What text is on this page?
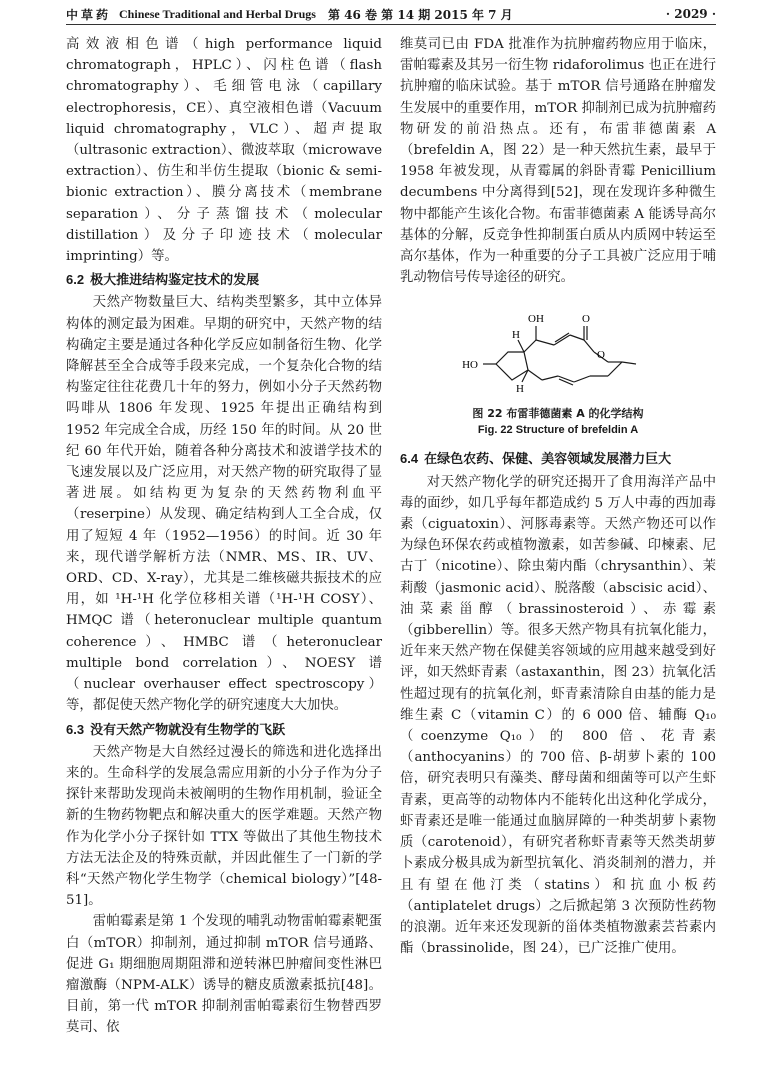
中草药 Chinese Traditional and Herbal Drugs 第 46 卷 第 14 期 2015 年 7 月	· 2029 ·

高效液相色谱（high performance liquid chromatograph，HPLC）、闪柱色谱（flash chromatography）、毛细管电泳（capillary electrophoresis，CE）、真空液相色谱（Vacuum liquid chromatography，VLC）、超声提取（ultrasonic extraction）、微波萃取（microwave extraction）、仿生和半仿生提取（bionic & semi-bionic extraction）、膜分离技术（membrane separation）、分子蒸馏技术（molecular distillation）及分子印迹技术（molecular imprinting）等。

6.2 极大推进结构鉴定技术的发展

天然产物数量巨大、结构类型繁多，其中立体异构体的测定最为困难。早期的研究中，天然产物的结构确定主要是通过各种化学反应如制备衍生物、化学降解甚至全合成等手段来完成，一个复杂化合物的结构鉴定往往花费几十年的努力，例如小分子天然药物吗啡从 1806 年发现、1925 年提出正确结构到 1952 年完成全合成，历经 150 年的时间。从 20 世纪 60 年代开始，随着各种分离技术和波谱学技术的飞速发展以及广泛应用，对天然产物的研究取得了显著进展。如结构更为复杂的天然药物利血平（reserpine）从发现、确定结构到人工全合成，仅用了短短 4 年（1952—1956）的时间。近 30 年来，现代谱学解析方法（NMR、MS、IR、UV、ORD、CD、X-ray），尤其是二维核磁共振技术的应用，如 ¹H-¹H 化学位移相关谱（¹H-¹H COSY）、HMQC 谱（heteronuclear multiple quantum coherence）、HMBC 谱（heteronuclear multiple bond correlation）、NOESY 谱（nuclear overhauser effect spectroscopy）等，都促使天然产物化学的研究速度大大加快。

6.3 没有天然产物就没有生物学的飞跃

天然产物是大自然经过漫长的筛选和进化选择出来的。生命科学的发展急需应用新的小分子作为分子探针来帮助发现尚未被阐明的生物作用机制，验证全新的生物药物靶点和解决重大的医学难题。天然产物作为化学小分子探针如 TTX 等做出了其他生物技术方法无法企及的特殊贡献，并因此催生了一门新的学科“天然产物化学生物学（chemical biology）”[48-51]。

雷帕霉素是第 1 个发现的哺乳动物雷帕霉素靶蛋白（mTOR）抑制剂，通过抑制 mTOR 信号通路、促进 G₁ 期细胞周期阻滞和逆转淋巴肿瘤间变性淋巴瘤激酶（NPM-ALK）诱导的糖皮质激素抵抗[48]。目前，第一代 mTOR 抑制剂雷帕霉素衍生物替西罗莫司、依

维莫司已由 FDA 批准作为抗肿瘤药物应用于临床，雷帕霉素及其另一衍生物 ridaforolimus 也正在进行抗肿瘤的临床试验。基于 mTOR 信号通路在肿瘤发生发展中的重要作用，mTOR 抑制剂已成为抗肿瘤药物研发的前沿热点。还有，布雷菲德菌素 A（brefeldin A，图 22）是一种天然抗生素，最早于 1958 年被发现，从青霉属的斜卧青霉 Penicillium decumbens 中分离得到[52]，现在发现许多种微生物中都能产生该化合物。布雷菲德菌素 A 能诱导高尔基体的分解，反竞争性抑制蛋白质从内质网中转运至高尔基体，作为一种重要的分子工具被广泛应用于哺乳动物信号传导途径的研究。

OH
HO
H
H
O
O
图 22 布雷菲德菌素 A 的化学结构
Fig. 22 Structure of brefeldin A
6.4 在绿色农药、保健、美容领域发展潜力巨大

对天然产物化学的研究还揭开了食用海洋产品中毒的面纱，如几乎每年都造成约 5 万人中毒的西加毒素（ciguatoxin）、河豚毒素等。天然产物还可以作为绿色环保农药或植物激素，如苦参碱、印楝素、尼古丁（nicotine）、除虫菊内酯（chrysanthin）、茉莉酸（jasmonic acid）、脱落酸（abscisic acid）、油菜素甾醇（brassinosteroid）、赤霉素（gibberellin）等。很多天然产物具有抗氧化能力，近年来天然产物在保健美容领域的应用越来越受到好评，如天然虾青素（astaxanthin，图 23）抗氧化活性超过现有的抗氧化剂，虾青素清除自由基的能力是维生素 C（vitamin C）的 6 000 倍、辅酶 Q₁₀（coenzyme Q₁₀）的 800 倍、花青素（anthocyanins）的 700 倍、β-胡萝卜素的 100 倍，研究表明只有藻类、酵母菌和细菌等可以产生虾青素，更高等的动物体内不能转化出这种化学成分，虾青素还是唯一能通过血脑屏障的一种类胡萝卜素物质（carotenoid），有研究者称虾青素等天然类胡萝卜素成分极具成为新型抗氧化、消炎制剂的潜力，并且有望在他汀类（statins）和抗血小板药（antiplatelet drugs）之后掀起第 3 次预防性药物的浪潮。近年来还发现新的甾体类植物激素芸苔素内酯（brassinolide，图 24），已广泛推广使用。
